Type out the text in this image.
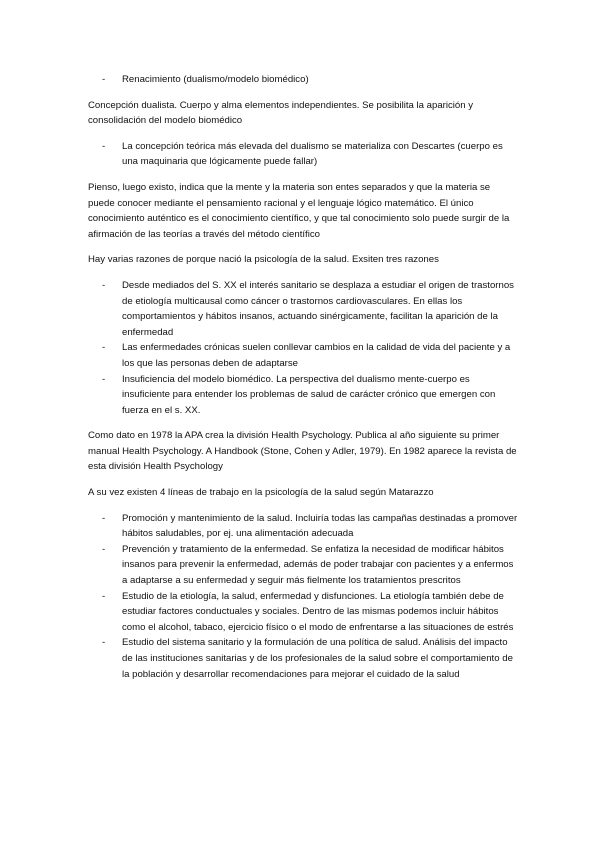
- Renacimiento (dualismo/modelo biomédico)

Concepción dualista. Cuerpo y alma elementos independientes. Se posibilita la aparición y consolidación del modelo biomédico

- La concepción teórica más elevada del dualismo se materializa con Descartes (cuerpo es una maquinaria que lógicamente puede fallar)

Pienso, luego existo, indica que la mente y la materia son entes separados y que la materia se puede conocer mediante el pensamiento racional y el lenguaje lógico matemático. El único conocimiento auténtico es el conocimiento científico, y que tal conocimiento solo puede surgir de la afirmación de las teorías a través del método científico

Hay varias razones de porque nació la psicología de la salud. Exsiten tres razones

- Desde mediados del S. XX el interés sanitario se desplaza a estudiar el origen de trastornos de etiología multicausal como cáncer o trastornos cardiovasculares. En ellas los comportamientos y hábitos insanos, actuando sinérgicamente, facilitan la aparición de la enfermedad
- Las enfermedades crónicas suelen conllevar cambios en la calidad de vida del paciente y a los que las personas deben de adaptarse
- Insuficiencia del modelo biomédico. La perspectiva del dualismo mente-cuerpo es insuficiente para entender los problemas de salud de carácter crónico que emergen con fuerza en el s. XX.

Como dato en 1978 la APA crea la división Health Psychology. Publica al año siguiente su primer manual Health Psychology. A Handbook (Stone, Cohen y Adler, 1979). En 1982 aparece la revista de esta división Health Psychology

A su vez existen 4 líneas de trabajo en la psicología de la salud según Matarazzo

- Promoción y mantenimiento de la salud. Incluiría todas las campañas destinadas a promover hábitos saludables, por ej. una alimentación adecuada
- Prevención y tratamiento de la enfermedad. Se enfatiza la necesidad de modificar hábitos insanos para prevenir la enfermedad, además de poder trabajar con pacientes y a enfermos a adaptarse a su enfermedad y seguir más fielmente los tratamientos prescritos
- Estudio de la etiología, la salud, enfermedad y disfunciones. La etiología también debe de estudiar factores conductuales y sociales. Dentro de las mismas podemos incluir hábitos como el alcohol, tabaco, ejercicio físico o el modo de enfrentarse a las situaciones de estrés
- Estudio del sistema sanitario y la formulación de una política de salud. Análisis del impacto de las instituciones sanitarias y de los profesionales de la salud sobre el comportamiento de la población y desarrollar recomendaciones para mejorar el cuidado de la salud
